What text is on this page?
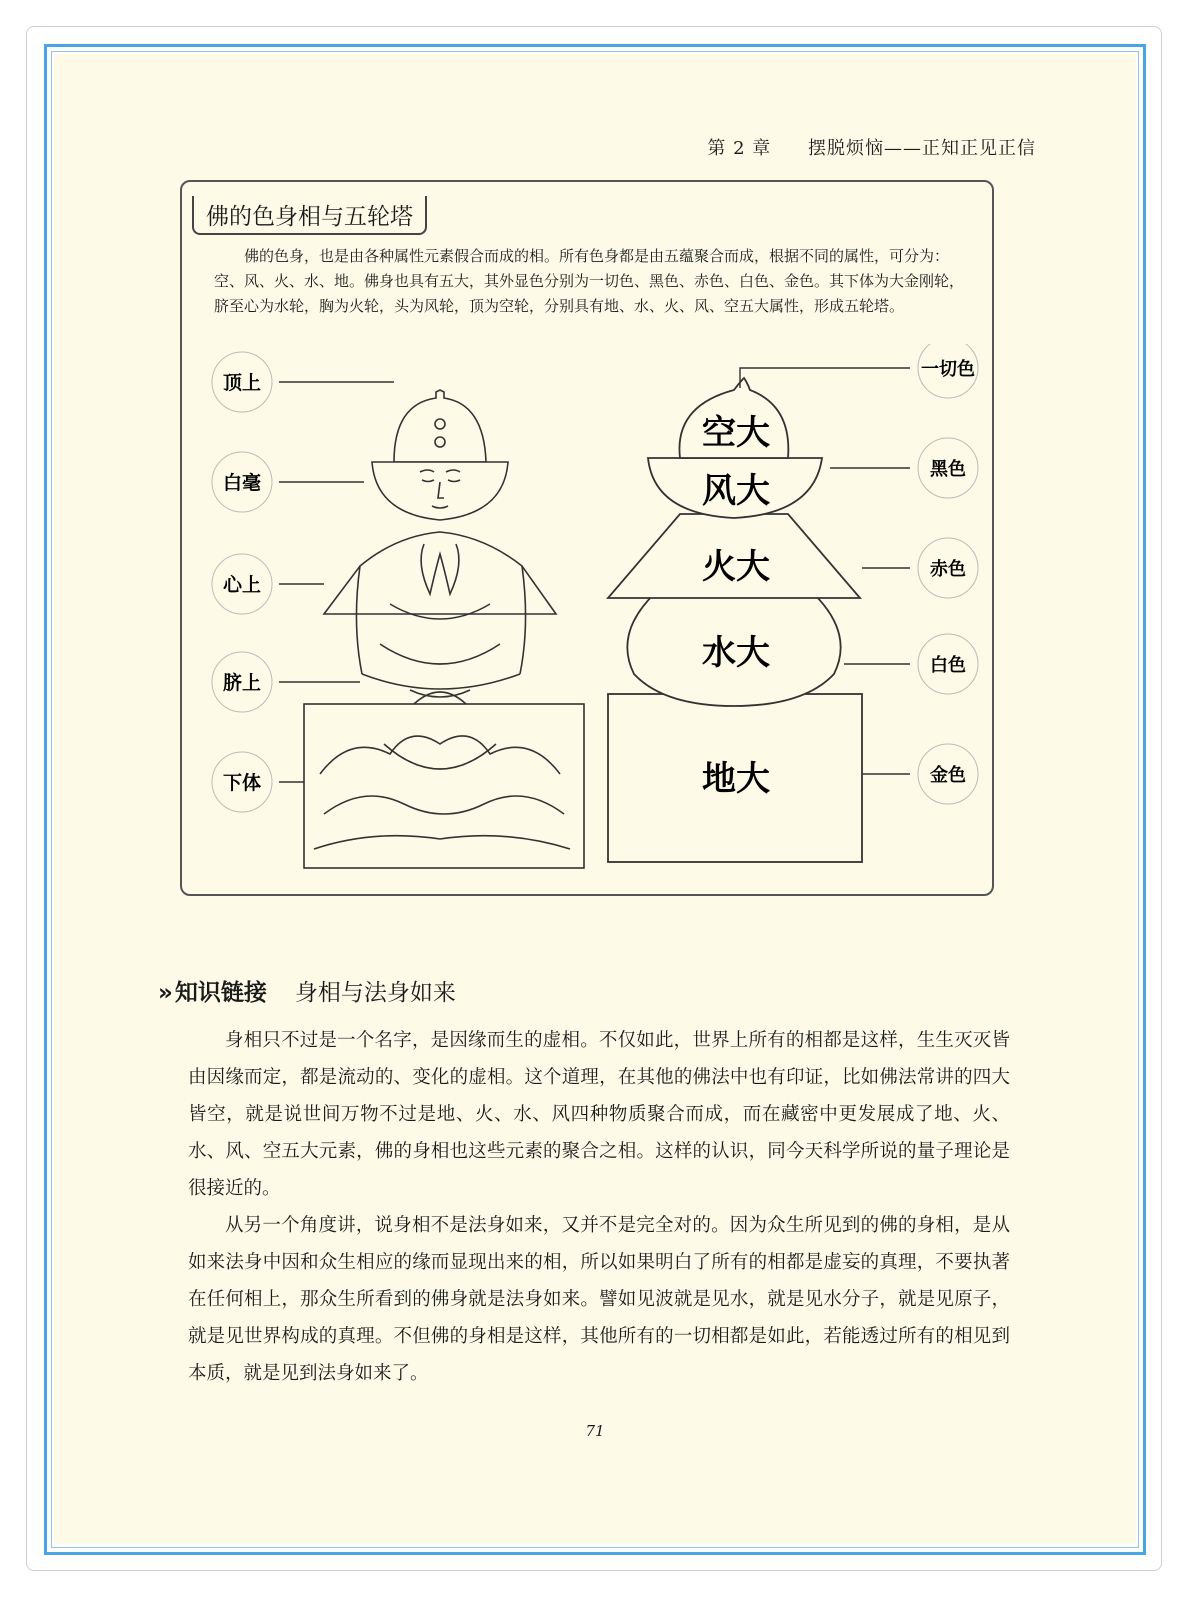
第 2 章 摆脱烦恼——正知正见正信
佛的色身相与五轮塔
佛的色身，也是由各种属性元素假合而成的相。所有色身都是由五蕴聚合而成，根据不同的属性，可分为：空、风、火、水、地。佛身也具有五大，其外显色分别为一切色、黑色、赤色、白色、金色。其下体为大金刚轮，脐至心为水轮，胸为火轮，头为风轮，顶为空轮，分别具有地、水、火、风、空五大属性，形成五轮塔。
顶上
白毫
心上
脐上
下体
空大
风大
火大
水大
地大
一切色
黑色
赤色
白色
金色
»知识链接 身相与法身如来

身相只不过是一个名字，是因缘而生的虚相。不仅如此，世界上所有的相都是这样，生生灭灭皆由因缘而定，都是流动的、变化的虚相。这个道理，在其他的佛法中也有印证，比如佛法常讲的四大皆空，就是说世间万物不过是地、火、水、风四种物质聚合而成，而在藏密中更发展成了地、火、水、风、空五大元素，佛的身相也这些元素的聚合之相。这样的认识，同今天科学所说的量子理论是很接近的。

从另一个角度讲，说身相不是法身如来，又并不是完全对的。因为众生所见到的佛的身相，是从如来法身中因和众生相应的缘而显现出来的相，所以如果明白了所有的相都是虚妄的真理，不要执著在任何相上，那众生所看到的佛身就是法身如来。譬如见波就是见水，就是见水分子，就是见原子，就是见世界构成的真理。不但佛的身相是这样，其他所有的一切相都是如此，若能透过所有的相见到本质，就是见到法身如来了。

71
